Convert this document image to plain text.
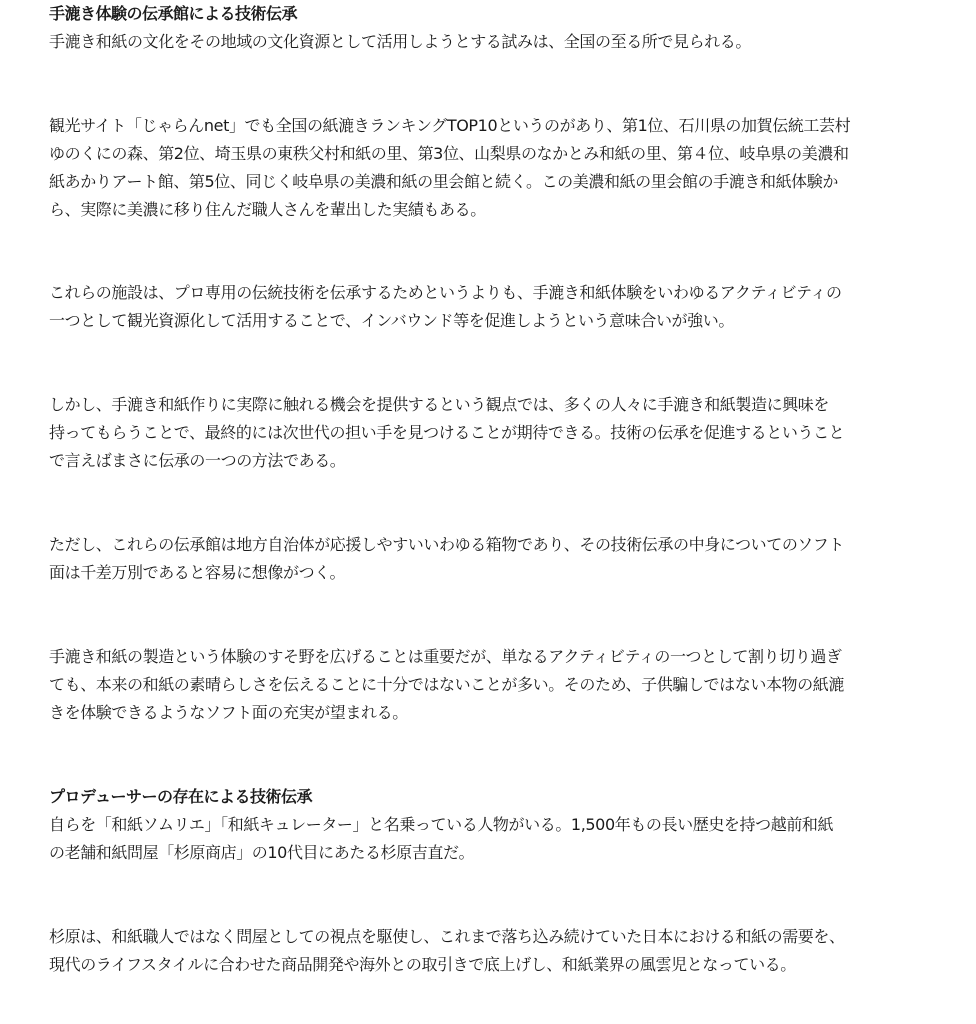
手漉き体験の伝承館による技術伝承

手漉き和紙の文化をその地域の文化資源として活用しようとする試みは、全国の至る所で見られる。

観光サイト「じゃらんnet」でも全国の紙漉きランキングTOP10というのがあり、第1位、石川県の加賀伝統工芸村
ゆのくにの森、第2位、埼玉県の東秩父村和紙の里、第3位、山梨県のなかとみ和紙の里、第４位、岐阜県の美濃和
紙あかりアート館、第5位、同じく岐阜県の美濃和紙の里会館と続く。この美濃和紙の里会館の手漉き和紙体験か
ら、実際に美濃に移り住んだ職人さんを輩出した実績もある。

これらの施設は、プロ専用の伝統技術を伝承するためというよりも、手漉き和紙体験をいわゆるアクティビティの
一つとして観光資源化して活用することで、インバウンド等を促進しようという意味合いが強い。

しかし、手漉き和紙作りに実際に触れる機会を提供するという観点では、多くの人々に手漉き和紙製造に興味を
持ってもらうことで、最終的には次世代の担い手を見つけることが期待できる。技術の伝承を促進するということ
で言えばまさに伝承の一つの方法である。

ただし、これらの伝承館は地方自治体が応援しやすいいわゆる箱物であり、その技術伝承の中身についてのソフト
面は千差万別であると容易に想像がつく。

手漉き和紙の製造という体験のすそ野を広げることは重要だが、単なるアクティビティの一つとして割り切り過ぎ
ても、本来の和紙の素晴らしさを伝えることに十分ではないことが多い。そのため、子供騙しではない本物の紙漉
きを体験できるようなソフト面の充実が望まれる。

プロデューサーの存在による技術伝承

自らを「和紙ソムリエ」「和紙キュレーター」と名乗っている人物がいる。1,500年もの長い歴史を持つ越前和紙
の老舗和紙問屋「杉原商店」の10代目にあたる杉原吉直だ。

杉原は、和紙職人ではなく問屋としての視点を駆使し、これまで落ち込み続けていた日本における和紙の需要を、
現代のライフスタイルに合わせた商品開発や海外との取引きで底上げし、和紙業界の風雲児となっている。
